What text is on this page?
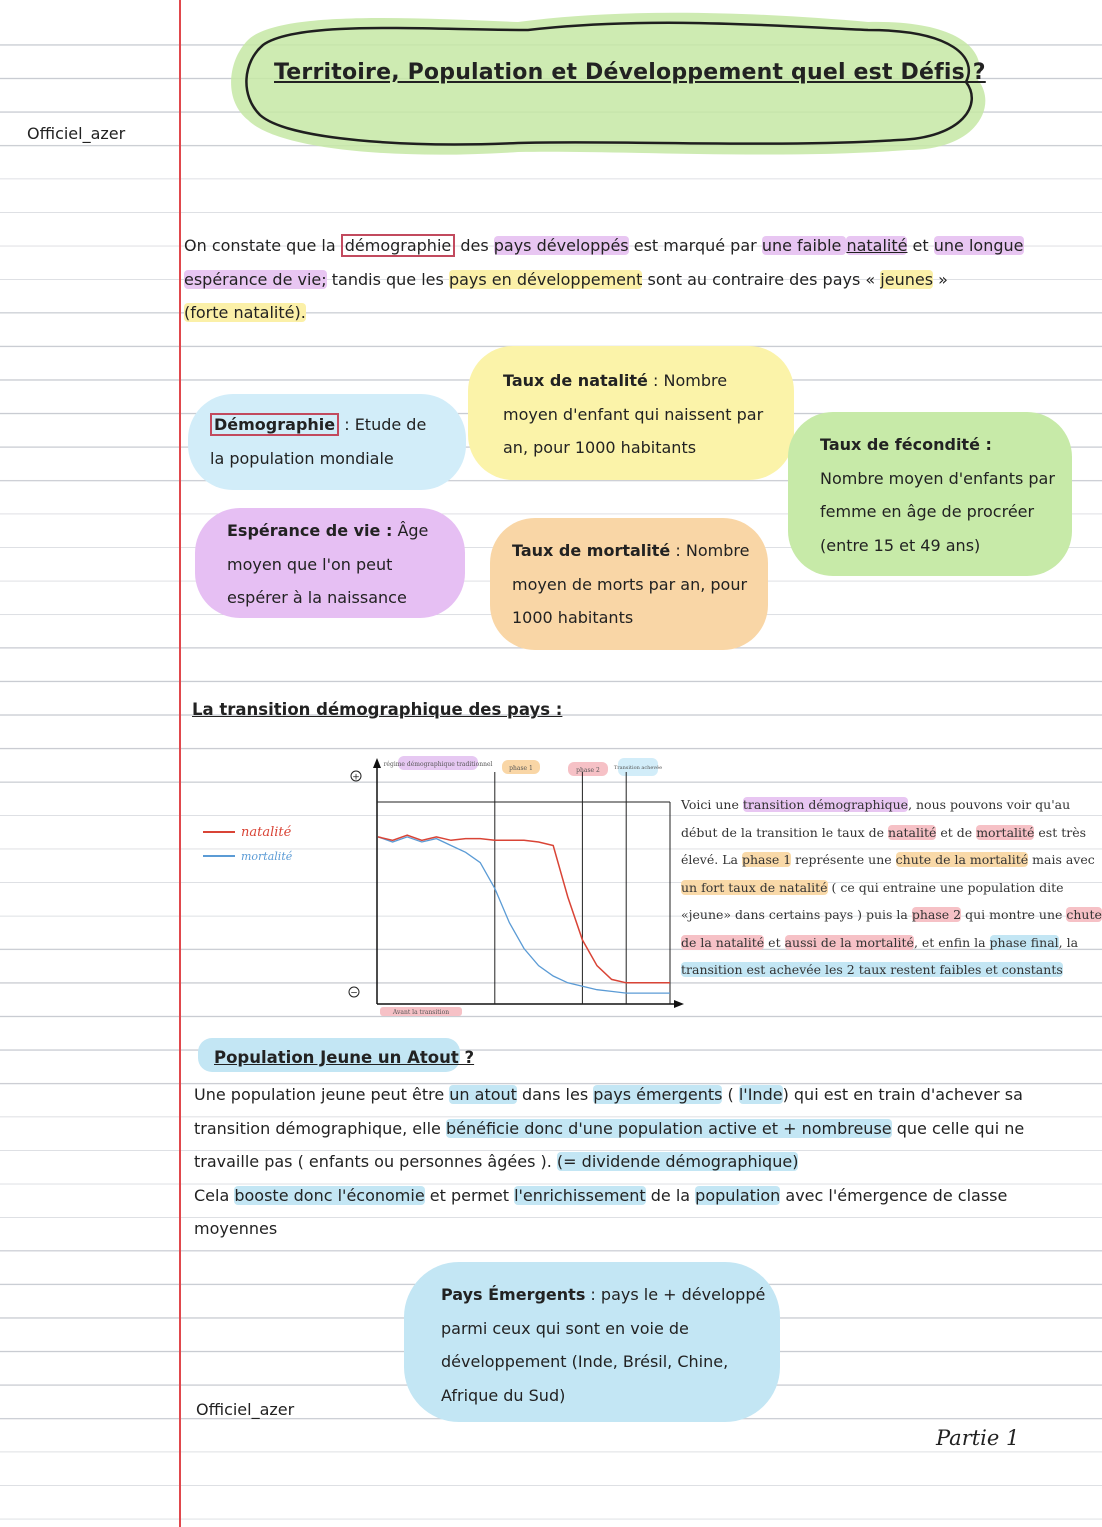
Officiel_azer
Territoire, Population et Développement quel est Défis ?
On constate que la démographie des pays développés est marqué par une faible natalité et une longue
espérance de vie; tandis que les pays en développement sont au contraire des pays « jeunes »
(forte natalité).
Démographie : Etude de
la population mondiale
Taux de natalité : Nombre
moyen d'enfant qui naissent par
an, pour 1000 habitants	Taux de fécondité :
Nombre moyen d'enfants par
femme en âge de procréer
(entre 15 et 49 ans)
Espérance de vie : Âge
moyen que l'on peut
espérer à la naissance
Taux de mortalité : Nombre
moyen de morts par an, pour
1000 habitants
La transition démographique des pays :
natalité
mortalité
régime démographique traditionnel
phase 1	phase 2	Transition achevée
+
−
Avant la transition
Voici une transition démographique, nous pouvons voir qu'au
début de la transition le taux de natalité et de mortalité est très
élevé. La phase 1 représente une chute de la mortalité mais avec
un fort taux de natalité ( ce qui entraine une population dite
«jeune» dans certains pays ) puis la phase 2 qui montre une chute
de la natalité et aussi de la mortalité, et enfin la phase final, la
transition est achevée les 2 taux restent faibles et constants
Population Jeune un Atout ?
Une population jeune peut être un atout dans les pays émergents ( l'Inde) qui est en train d'achever sa
transition démographique, elle bénéficie donc d'une population active et + nombreuse que celle qui ne
travaille pas ( enfants ou personnes âgées ). (= dividende démographique)
Cela booste donc l'économie et permet l'enrichissement de la population avec l'émergence de classe
moyennes
Pays Émergents : pays le + développé
parmi ceux qui sont en voie de
développement (Inde, Brésil, Chine,
Afrique du Sud)
Officiel_azer
Partie 1
